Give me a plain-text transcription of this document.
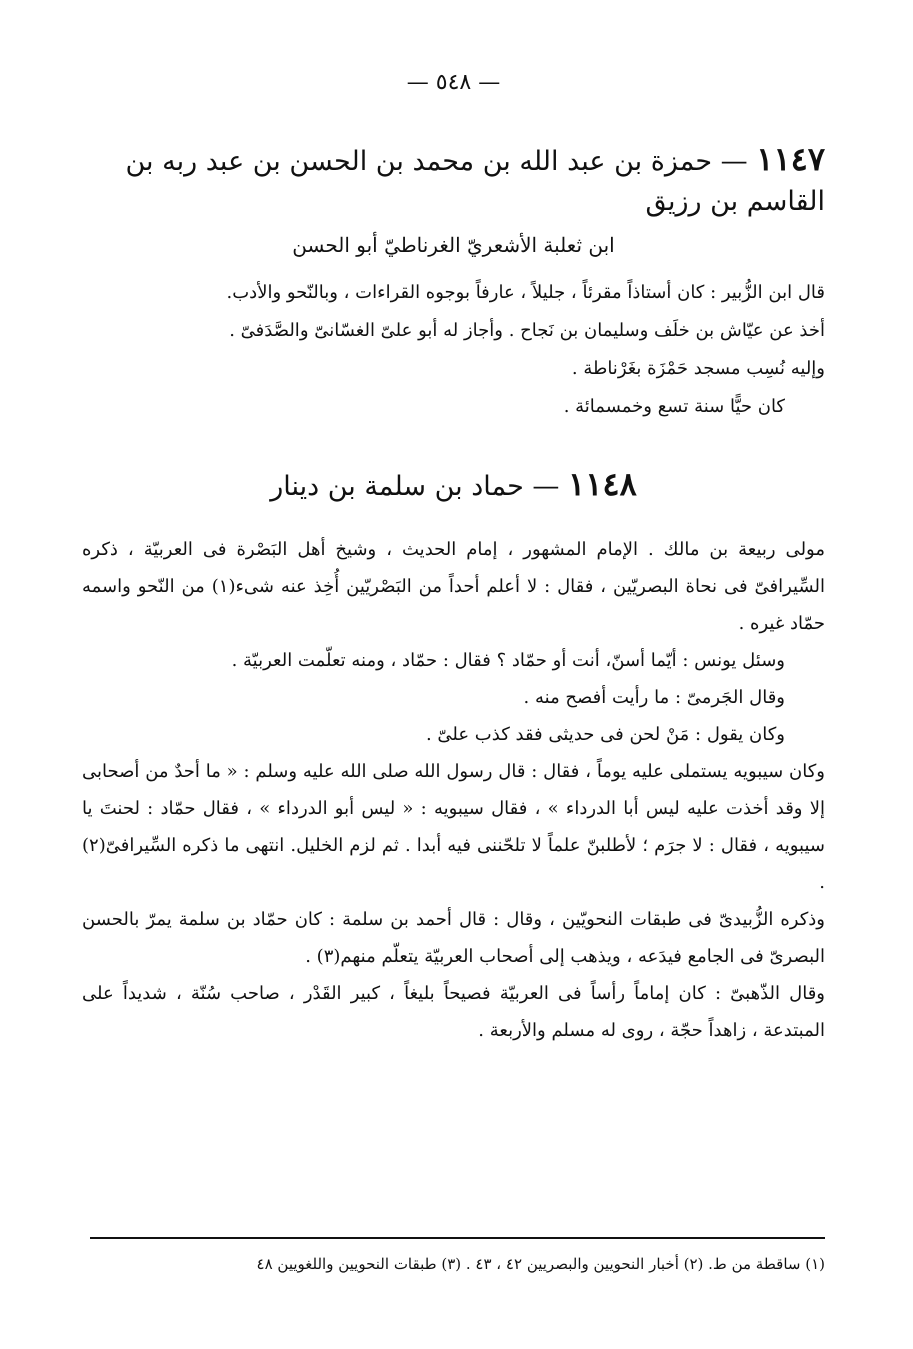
— ٥٤٨ —
١١٤٧ — حمزة بن عبد الله بن محمد بن الحسن بن عبد ربه بن القاسم بن رزيق
ابن ثعلبة الأشعريّ الغرناطيّ أبو الحسن

قال ابن الزُّبير : كان أستاذاً مقرئاً ، جليلاً ، عارفاً بوجوه القراءات ، وبالنّحو والأدب.

أخذ عن عيّاش بن خلَف وسليمان بن نَجاح . وأجاز له أبو علىّ الغسّانىّ والصَّدَفىّ .

وإليه نُسِب مسجد حَمْزَة بغَرْناطة .

كان حيًّا سنة تسع وخمسمائة .

١١٤٨ — حماد بن سلمة بن دينار

مولى ربيعة بن مالك . الإمام المشهور ، إمام الحديث ، وشيخ أهل البَصْرة فى العربيّة ، ذكره السِّيرافىّ فى نحاة البصريّين ، فقال : لا أعلم أحداً من البَصْريّين أُخِذ عنه شىء(١) من النّحو واسمه حمّاد غيره .

وسئل يونس : أيّما أسنّ، أنت أو حمّاد ؟ فقال : حمّاد ، ومنه تعلّمت العربيّة .

وقال الجَرمىّ : ما رأيت أفصح منه .

وكان يقول : مَنْ لحن فى حديثى فقد كذب علىّ .

وكان سيبويه يستملى عليه يوماً ، فقال : قال رسول الله صلى الله عليه وسلم : « ما أحدٌ من أصحابى إلا وقد أخذت عليه ليس أبا الدرداء » ، فقال سيبويه : « ليس أبو الدرداء » ، فقال حمّاد : لحنتَ يا سيبويه ، فقال : لا جرَم ؛ لأطلبنّ علماً لا تلحّننى فيه أبدا . ثم لزم الخليل. انتهى ما ذكره السِّيرافىّ(٢) .

وذكره الزُّبيدىّ فى طبقات النحويّين ، وقال : قال أحمد بن سلمة : كان حمّاد بن سلمة يمرّ بالحسن البصرىّ فى الجامع فيدَعه ، ويذهب إلى أصحاب العربيّة يتعلّم منهم(٣) .

وقال الذّهبىّ : كان إماماً رأساً فى العربيّة فصيحاً بليغاً ، كبير القَدْر ، صاحب سُنّة ، شديداً على المبتدعة ، زاهداً حجّة ، روى له مسلم والأربعة .

(١) ساقطة من ط. (٢) أخبار النحويين والبصريين ٤٢ ، ٤٣ . (٣) طبقات النحويين واللغويين ٤٨
